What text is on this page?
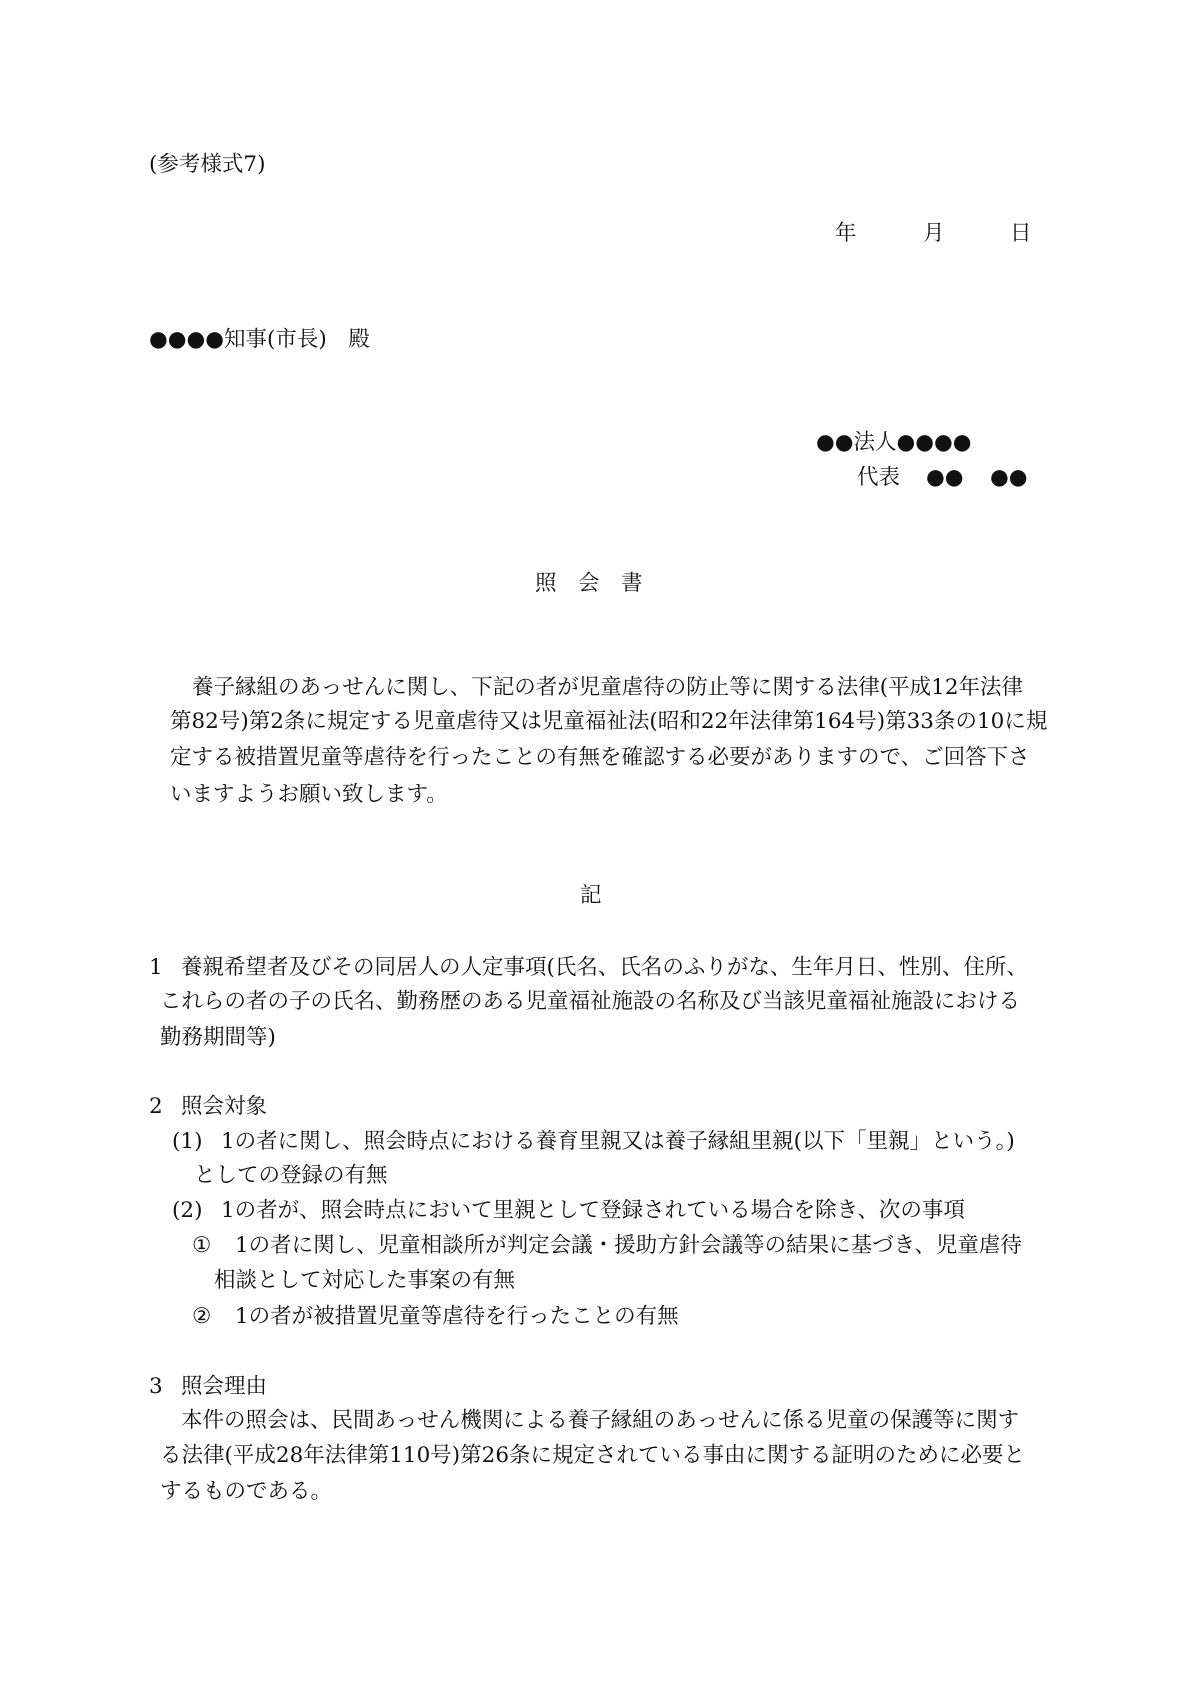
(参考様式7)
年	月	日
●●●●知事(市長)　殿
●●法人●●●●
代表 ●● ●●
照　会　書
養子縁組のあっせんに関し、下記の者が児童虐待の防止等に関する法律(平成12年法律
第82号)第2条に規定する児童虐待又は児童福祉法(昭和22年法律第164号)第33条の10に規
定する被措置児童等虐待を行ったことの有無を確認する必要がありますので、ご回答下さ
いますようお願い致します。
記
1 養親希望者及びその同居人の人定事項(氏名、氏名のふりがな、生年月日、性別、住所、
これらの者の子の氏名、勤務歴のある児童福祉施設の名称及び当該児童福祉施設における
勤務期間等)
2 照会対象
(1) 1の者に関し、照会時点における養育里親又は養子縁組里親(以下「里親」という。)
としての登録の有無
(2) 1の者が、照会時点において里親として登録されている場合を除き、次の事項
① 1の者に関し、児童相談所が判定会議・援助方針会議等の結果に基づき、児童虐待
相談として対応した事案の有無
② 1の者が被措置児童等虐待を行ったことの有無
3 照会理由
本件の照会は、民間あっせん機関による養子縁組のあっせんに係る児童の保護等に関す
る法律(平成28年法律第110号)第26条に規定されている事由に関する証明のために必要と
するものである。
